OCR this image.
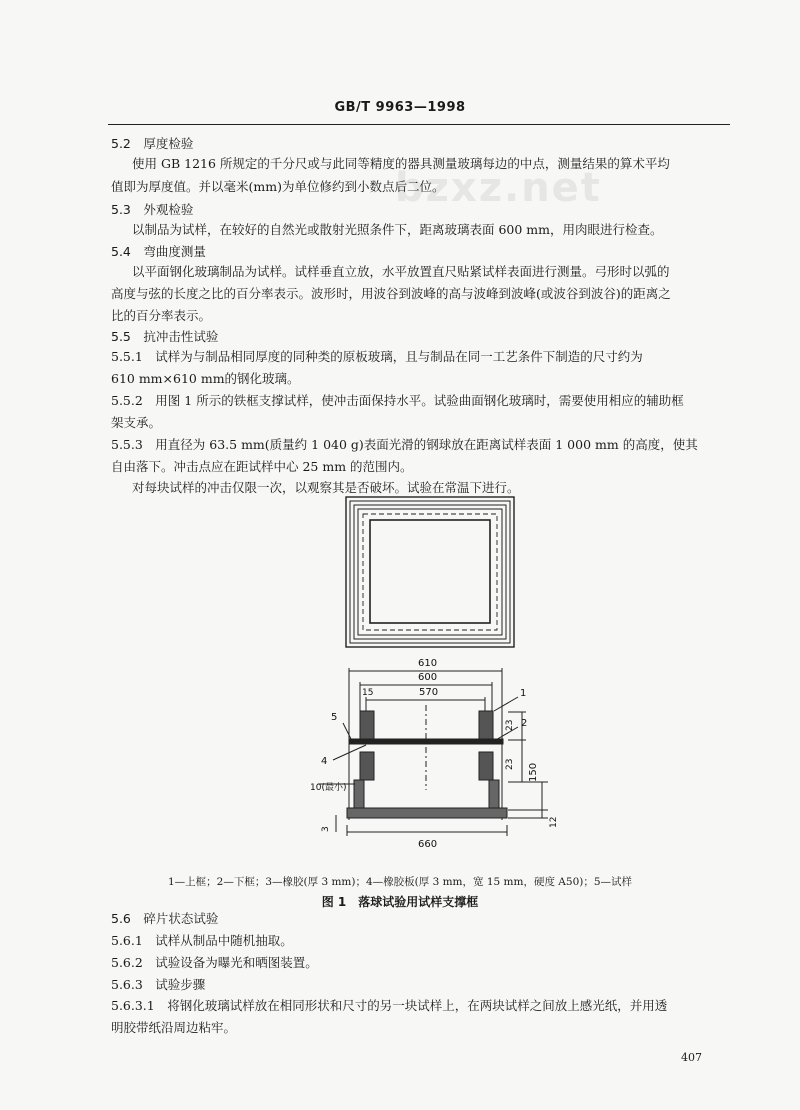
bzxz.net
GB/T 9963—1998
5.2　厚度检验
使用 GB 1216 所规定的千分尺或与此同等精度的器具测量玻璃每边的中点，测量结果的算术平均
值即为厚度值。并以毫米(mm)为单位修约到小数点后二位。
5.3　外观检验
以制品为试样，在较好的自然光或散射光照条件下，距离玻璃表面 600 mm，用肉眼进行检查。
5.4　弯曲度测量
以平面钢化玻璃制品为试样。试样垂直立放，水平放置直尺贴紧试样表面进行测量。弓形时以弧的
高度与弦的长度之比的百分率表示。波形时，用波谷到波峰的高与波峰到波峰(或波谷到波谷)的距离之
比的百分率表示。
5.5　抗冲击性试验
5.5.1　试样为与制品相同厚度的同种类的原板玻璃，且与制品在同一工艺条件下制造的尺寸约为
610 mm×610 mm的钢化玻璃。
5.5.2　用图 1 所示的铁框支撑试样，使冲击面保持水平。试验曲面钢化玻璃时，需要使用相应的辅助框
架支承。
5.5.3　用直径为 63.5 mm(质量约 1 040 g)表面光滑的钢球放在距离试样表面 1 000 mm 的高度，使其
自由落下。冲击点应在距试样中心 25 mm 的范围内。
对每块试样的冲击仅限一次，以观察其是否破坏。试验在常温下进行。
610
600
570
15
23
23 150
10(最小)
3
12
660
1
2
5
4
1—上框；2—下框；3—橡胶(厚 3 mm)；4—橡胶板(厚 3 mm，宽 15 mm，硬度 A50)；5—试样
图 1　落球试验用试样支撑框
5.6　碎片状态试验
5.6.1　试样从制品中随机抽取。
5.6.2　试验设备为曝光和晒图装置。
5.6.3　试验步骤
5.6.3.1　将钢化玻璃试样放在相同形状和尺寸的另一块试样上，在两块试样之间放上感光纸，并用透
明胶带纸沿周边粘牢。
407
